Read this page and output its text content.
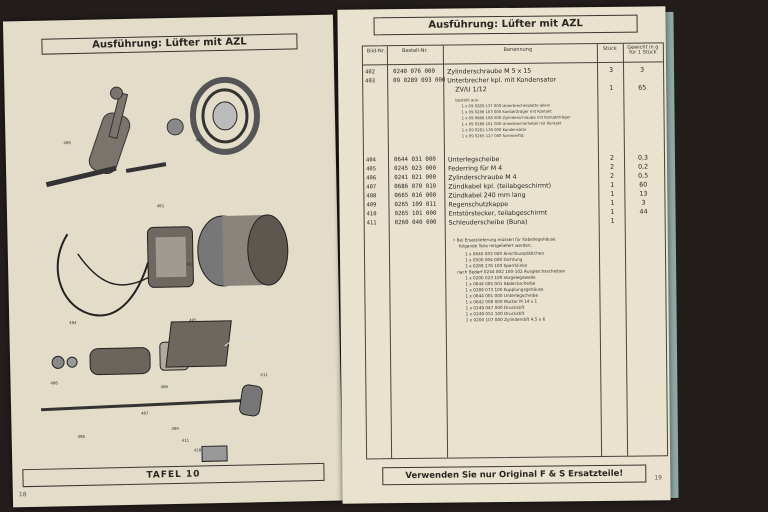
Ausführung: Lüfter mit AZL
400
401
402
403
404	405
406
407
408
409
410
411
408
411
TAFEL 10
18
Ausführung: Lüfter mit AZL
Bild-Nr.	Bestell-Nr.	Benennung	Stück	Gewicht in g für 1 Stück
402	0240 076 000	Zylinderschraube M 5 x 15	3	3
403	09 0289 093 000 Unterbrecher kpl. mit Kondensator
ZV/U 1/12	1	65
besteht aus:
1 x 09 0289 137 000 Unterbrecherplatte allein
1 x 09 0286 103 000 Kontaktträger mit Kontakt
1 x 09 0668 108 000 Zylinderschraube mit Kontaktträger
1 x 09 0286 101 000 Unterbrecherhebel mit Kontakt
1 x 09 0281 136 000 Kondensator
1 x 09 0265 127 000 Schmierfilz
404	0644 031 000	Unterlegscheibe	2	0,3
405	0245 023 000	Federring für M 4	2	0,2
406	0241 021 000	Zylinderschraube M 4	2	0,5
407	0686 070 010	Zündkabel kpl. (teilabgeschirmt)	1	60
408	0665 016 000	Zündkabel 240 mm lang	1	13
409	0265 109 011	Regenschutzkappe	1	3
410	0265 101 000	Entstörstecker, teilabgeschirmt	1	44
411	0260 040 000	Schleuderscheibe (Buna)	1
• Bei Ersatzlieferung müssen für Kabellegehäuse
folgende Teile mitgeliefert werden:
1 x 0640 003 000 Anschlussplättchen
1 x 0500 004 000 Dichtung
1 x 0289 276 100 Sperrklinke
nach Bedarf 0244 002 100-102 Ausgleichsscheiben
1 x 0200 023 100 Vorgelegewelle
1 x 0644 005 001 Abdeckscheibe
1 x 0289 073 100 Kupplungsgehäuse
1 x 0644 001 000 Unterlegscheibe
1 x 0642 000 000 Mutter M 14 x 1
1 x 0249 047 000 Druckstift
1 x 0249 051 100 Druckstift
1 x 0200 107 000 Zylinderstift 4,5 x 6
Verwenden Sie nur Original F & S Ersatzteile!	19
